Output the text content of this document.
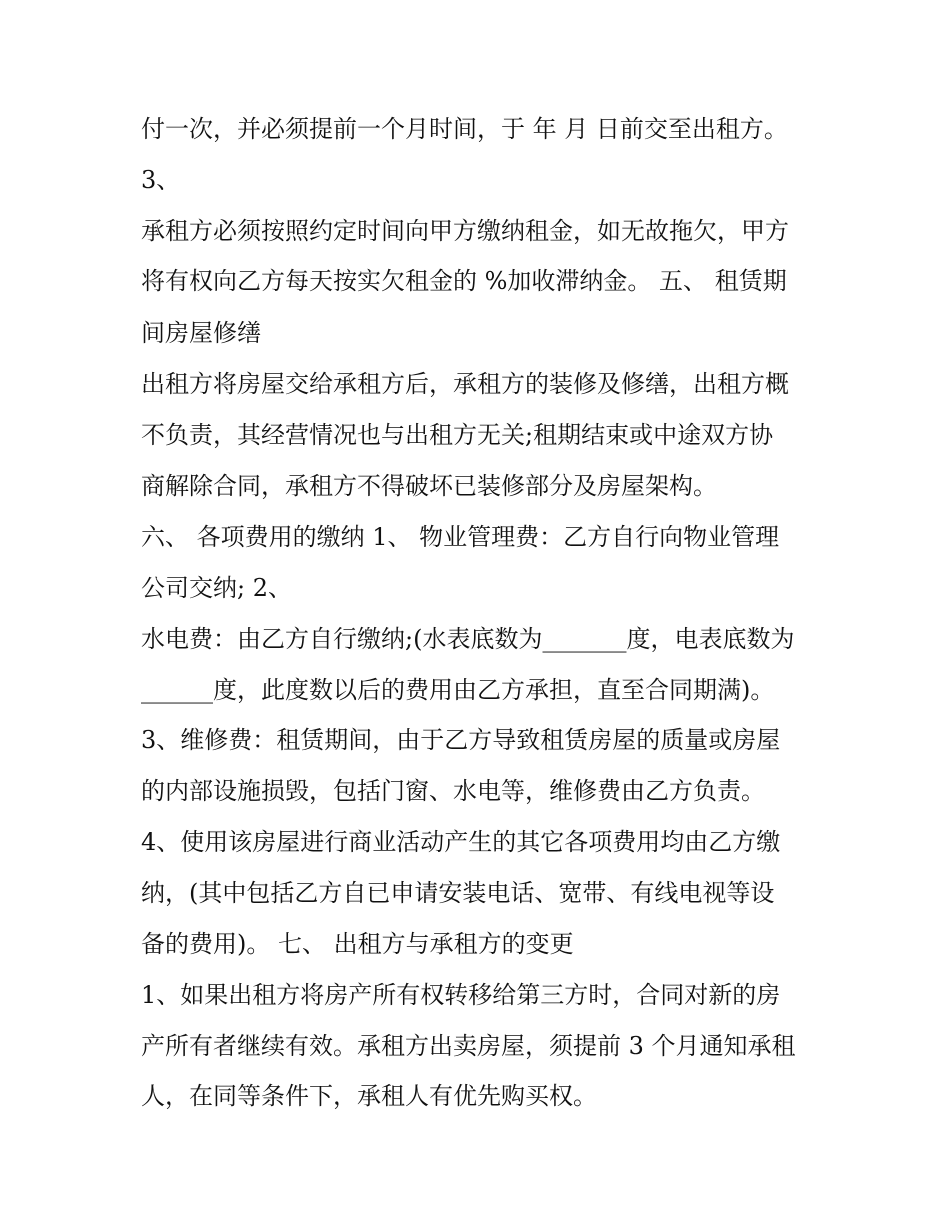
付一次，并必须提前一个月时间，于 年 月 日前交至出租方。
3、
承租方必须按照约定时间向甲方缴纳租金，如无故拖欠，甲方
将有权向乙方每天按实欠租金的 %加收滞纳金。 五、 租赁期
间房屋修缮
出租方将房屋交给承租方后，承租方的装修及修缮，出租方概
不负责，其经营情况也与出租方无关;租期结束或中途双方协
商解除合同，承租方不得破坏已装修部分及房屋架构。
六、 各项费用的缴纳 1、 物业管理费：乙方自行向物业管理
公司交纳; 2、
水电费：由乙方自行缴纳;(水表底数为_______度，电表底数为
______度，此度数以后的费用由乙方承担，直至合同期满)。
3、维修费：租赁期间，由于乙方导致租赁房屋的质量或房屋
的内部设施损毁，包括门窗、水电等，维修费由乙方负责。
4、使用该房屋进行商业活动产生的其它各项费用均由乙方缴
纳，(其中包括乙方自已申请安装电话、宽带、有线电视等设
备的费用)。 七、 出租方与承租方的变更
1、如果出租方将房产所有权转移给第三方时，合同对新的房
产所有者继续有效。承租方出卖房屋，须提前 3 个月通知承租
人，在同等条件下，承租人有优先购买权。
